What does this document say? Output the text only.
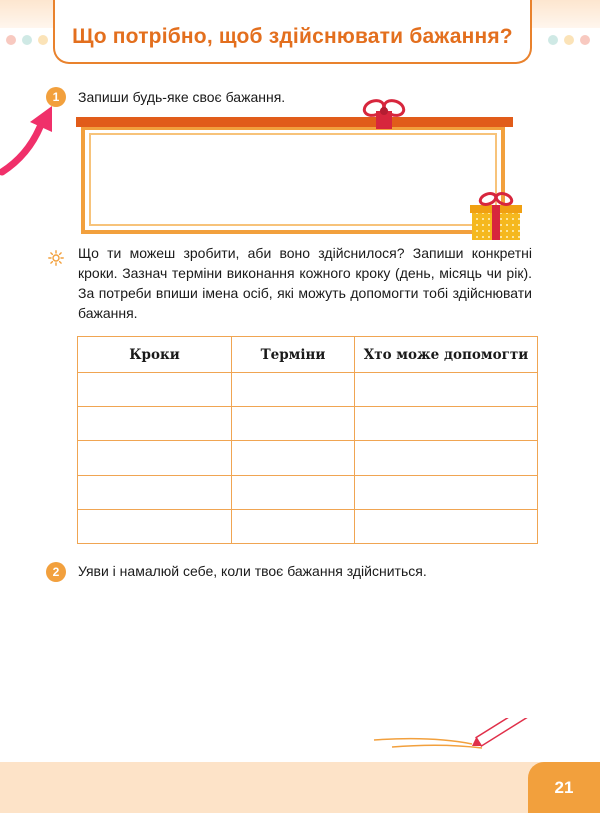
Що потрібно, щоб здійснювати бажання?
1	Запиши будь-яке своє бажання.
Що ти можеш зробити, аби воно здійснилося? Запиши конкретні кроки. Зазнач терміни виконання кожного кроку (день, місяць чи рік). За потреби впиши імена осіб, які можуть допомогти тобі здійснювати бажання.
Кроки	Терміни	Хто може допомогти

2	Уяви і намалюй себе, коли твоє бажання здійсниться.
21
